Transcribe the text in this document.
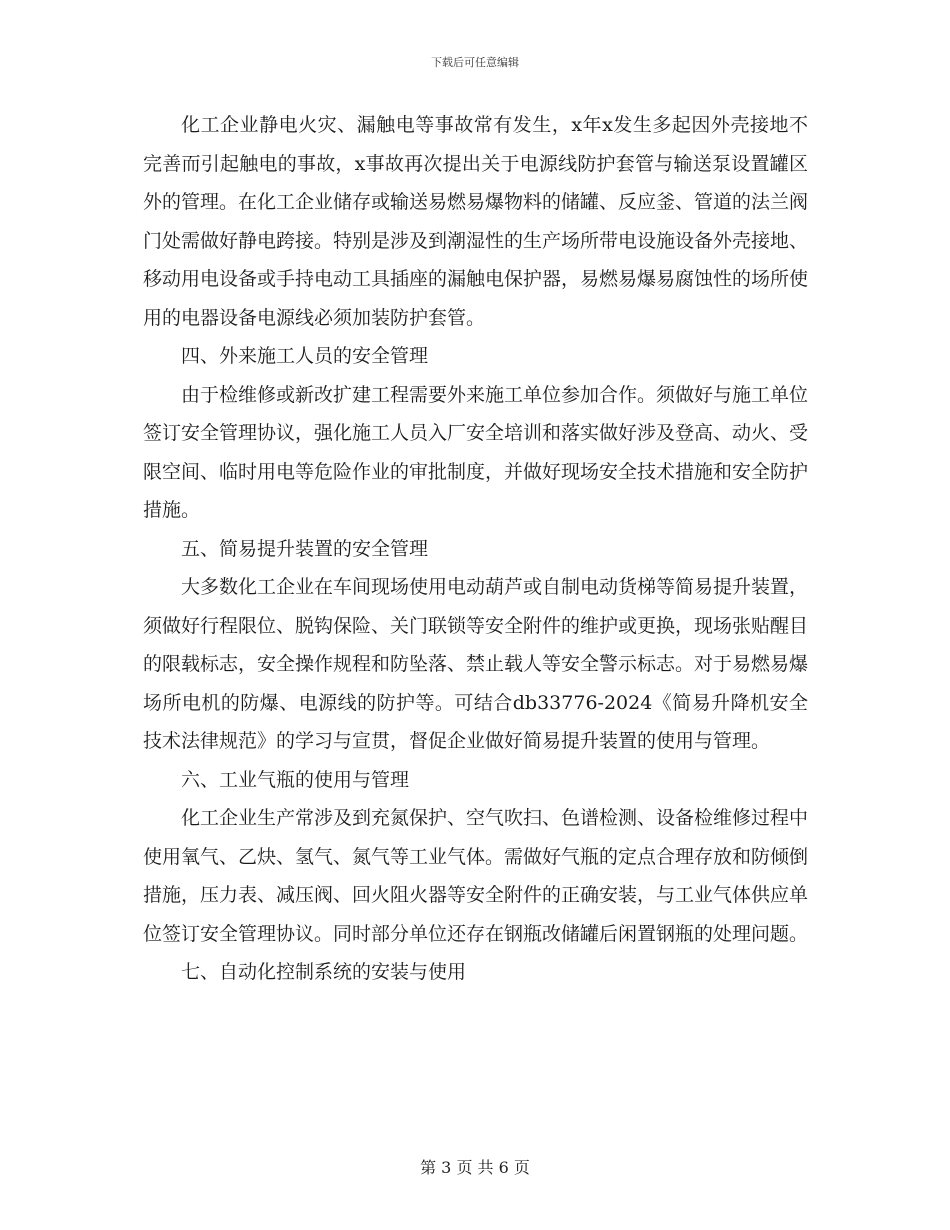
下载后可任意编辑

化工企业静电火灾、漏触电等事故常有发生，x年x发生多起因外壳接地不完善而引起触电的事故，x事故再次提出关于电源线防护套管与输送泵设置罐区外的管理。在化工企业储存或输送易燃易爆物料的储罐、反应釜、管道的法兰阀门处需做好静电跨接。特别是涉及到潮湿性的生产场所带电设施设备外壳接地、移动用电设备或手持电动工具插座的漏触电保护器，易燃易爆易腐蚀性的场所使用的电器设备电源线必须加装防护套管。

四、外来施工人员的安全管理

由于检维修或新改扩建工程需要外来施工单位参加合作。须做好与施工单位签订安全管理协议，强化施工人员入厂安全培训和落实做好涉及登高、动火、受限空间、临时用电等危险作业的审批制度，并做好现场安全技术措施和安全防护措施。

五、简易提升装置的安全管理

大多数化工企业在车间现场使用电动葫芦或自制电动货梯等简易提升装置，须做好行程限位、脱钩保险、关门联锁等安全附件的维护或更换，现场张贴醒目的限载标志，安全操作规程和防坠落、禁止载人等安全警示标志。对于易燃易爆场所电机的防爆、电源线的防护等。可结合db33776-2024《简易升降机安全技术法律规范》的学习与宣贯，督促企业做好简易提升装置的使用与管理。

六、工业气瓶的使用与管理

化工企业生产常涉及到充氮保护、空气吹扫、色谱检测、设备检维修过程中使用氧气、乙炔、氢气、氮气等工业气体。需做好气瓶的定点合理存放和防倾倒措施，压力表、减压阀、回火阻火器等安全附件的正确安装，与工业气体供应单位签订安全管理协议。同时部分单位还存在钢瓶改储罐后闲置钢瓶的处理问题。

七、自动化控制系统的安装与使用

第 3 页 共 6 页
